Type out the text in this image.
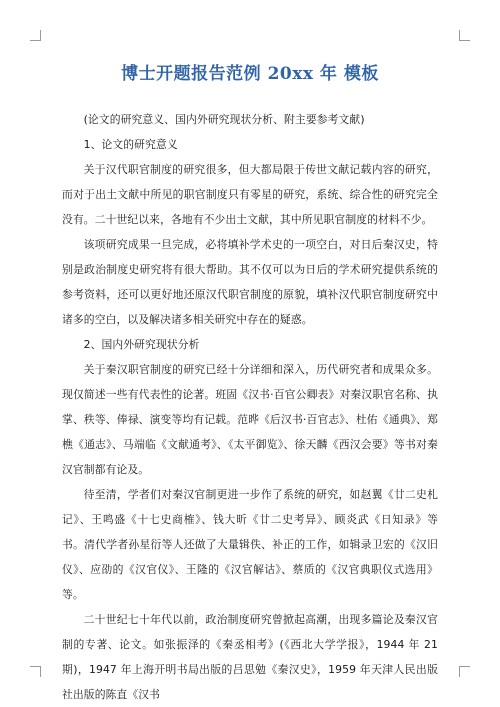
博士开题报告范例 20xx 年 模板

(论文的研究意义、国内外研究现状分析、附主要参考文献)

1、论文的研究意义

关于汉代职官制度的研究很多，但大都局限于传世文献记载内容的研究，而对于出土文献中所见的职官制度只有零星的研究，系统、综合性的研究完全没有。二十世纪以来，各地有不少出土文献，其中所见职官制度的材料不少。

该项研究成果一旦完成，必将填补学术史的一项空白，对日后秦汉史，特别是政治制度史研究将有很大帮助。其不仅可以为日后的学术研究提供系统的参考资料，还可以更好地还原汉代职官制度的原貌，填补汉代职官制度研究中诸多的空白，以及解决诸多相关研究中存在的疑惑。

2、国内外研究现状分析

关于秦汉职官制度的研究已经十分详细和深入，历代研究者和成果众多。现仅简述一些有代表性的论著。班固《汉书·百官公卿表》对秦汉职官名称、执掌、秩等、俸禄、演变等均有记载。范晔《后汉书·百官志》、杜佑《通典》、郑樵《通志》、马端临《文献通考》、《太平御览》、徐天麟《西汉会要》等书对秦汉官制都有论及。

待至清，学者们对秦汉官制更进一步作了系统的研究，如赵翼《廿二史札记》、王鸣盛《十七史商榷》、钱大昕《廿二史考异》、顾炎武《日知录》等书。清代学者孙星衍等人还做了大量辑佚、补正的工作，如辑录卫宏的《汉旧仪》、应劭的《汉官仪》、王隆的《汉官解诂》、蔡质的《汉官典职仪式选用》等。

二十世纪七十年代以前，政治制度研究曾掀起高潮，出现多篇论及秦汉官制的专著、论文。如张振泽的《秦丞相考》(《西北大学学报》，1944 年 21 期)，1947 年上海开明书局出版的吕思勉《秦汉史》，1959 年天津人民出版社出版的陈直《汉书
